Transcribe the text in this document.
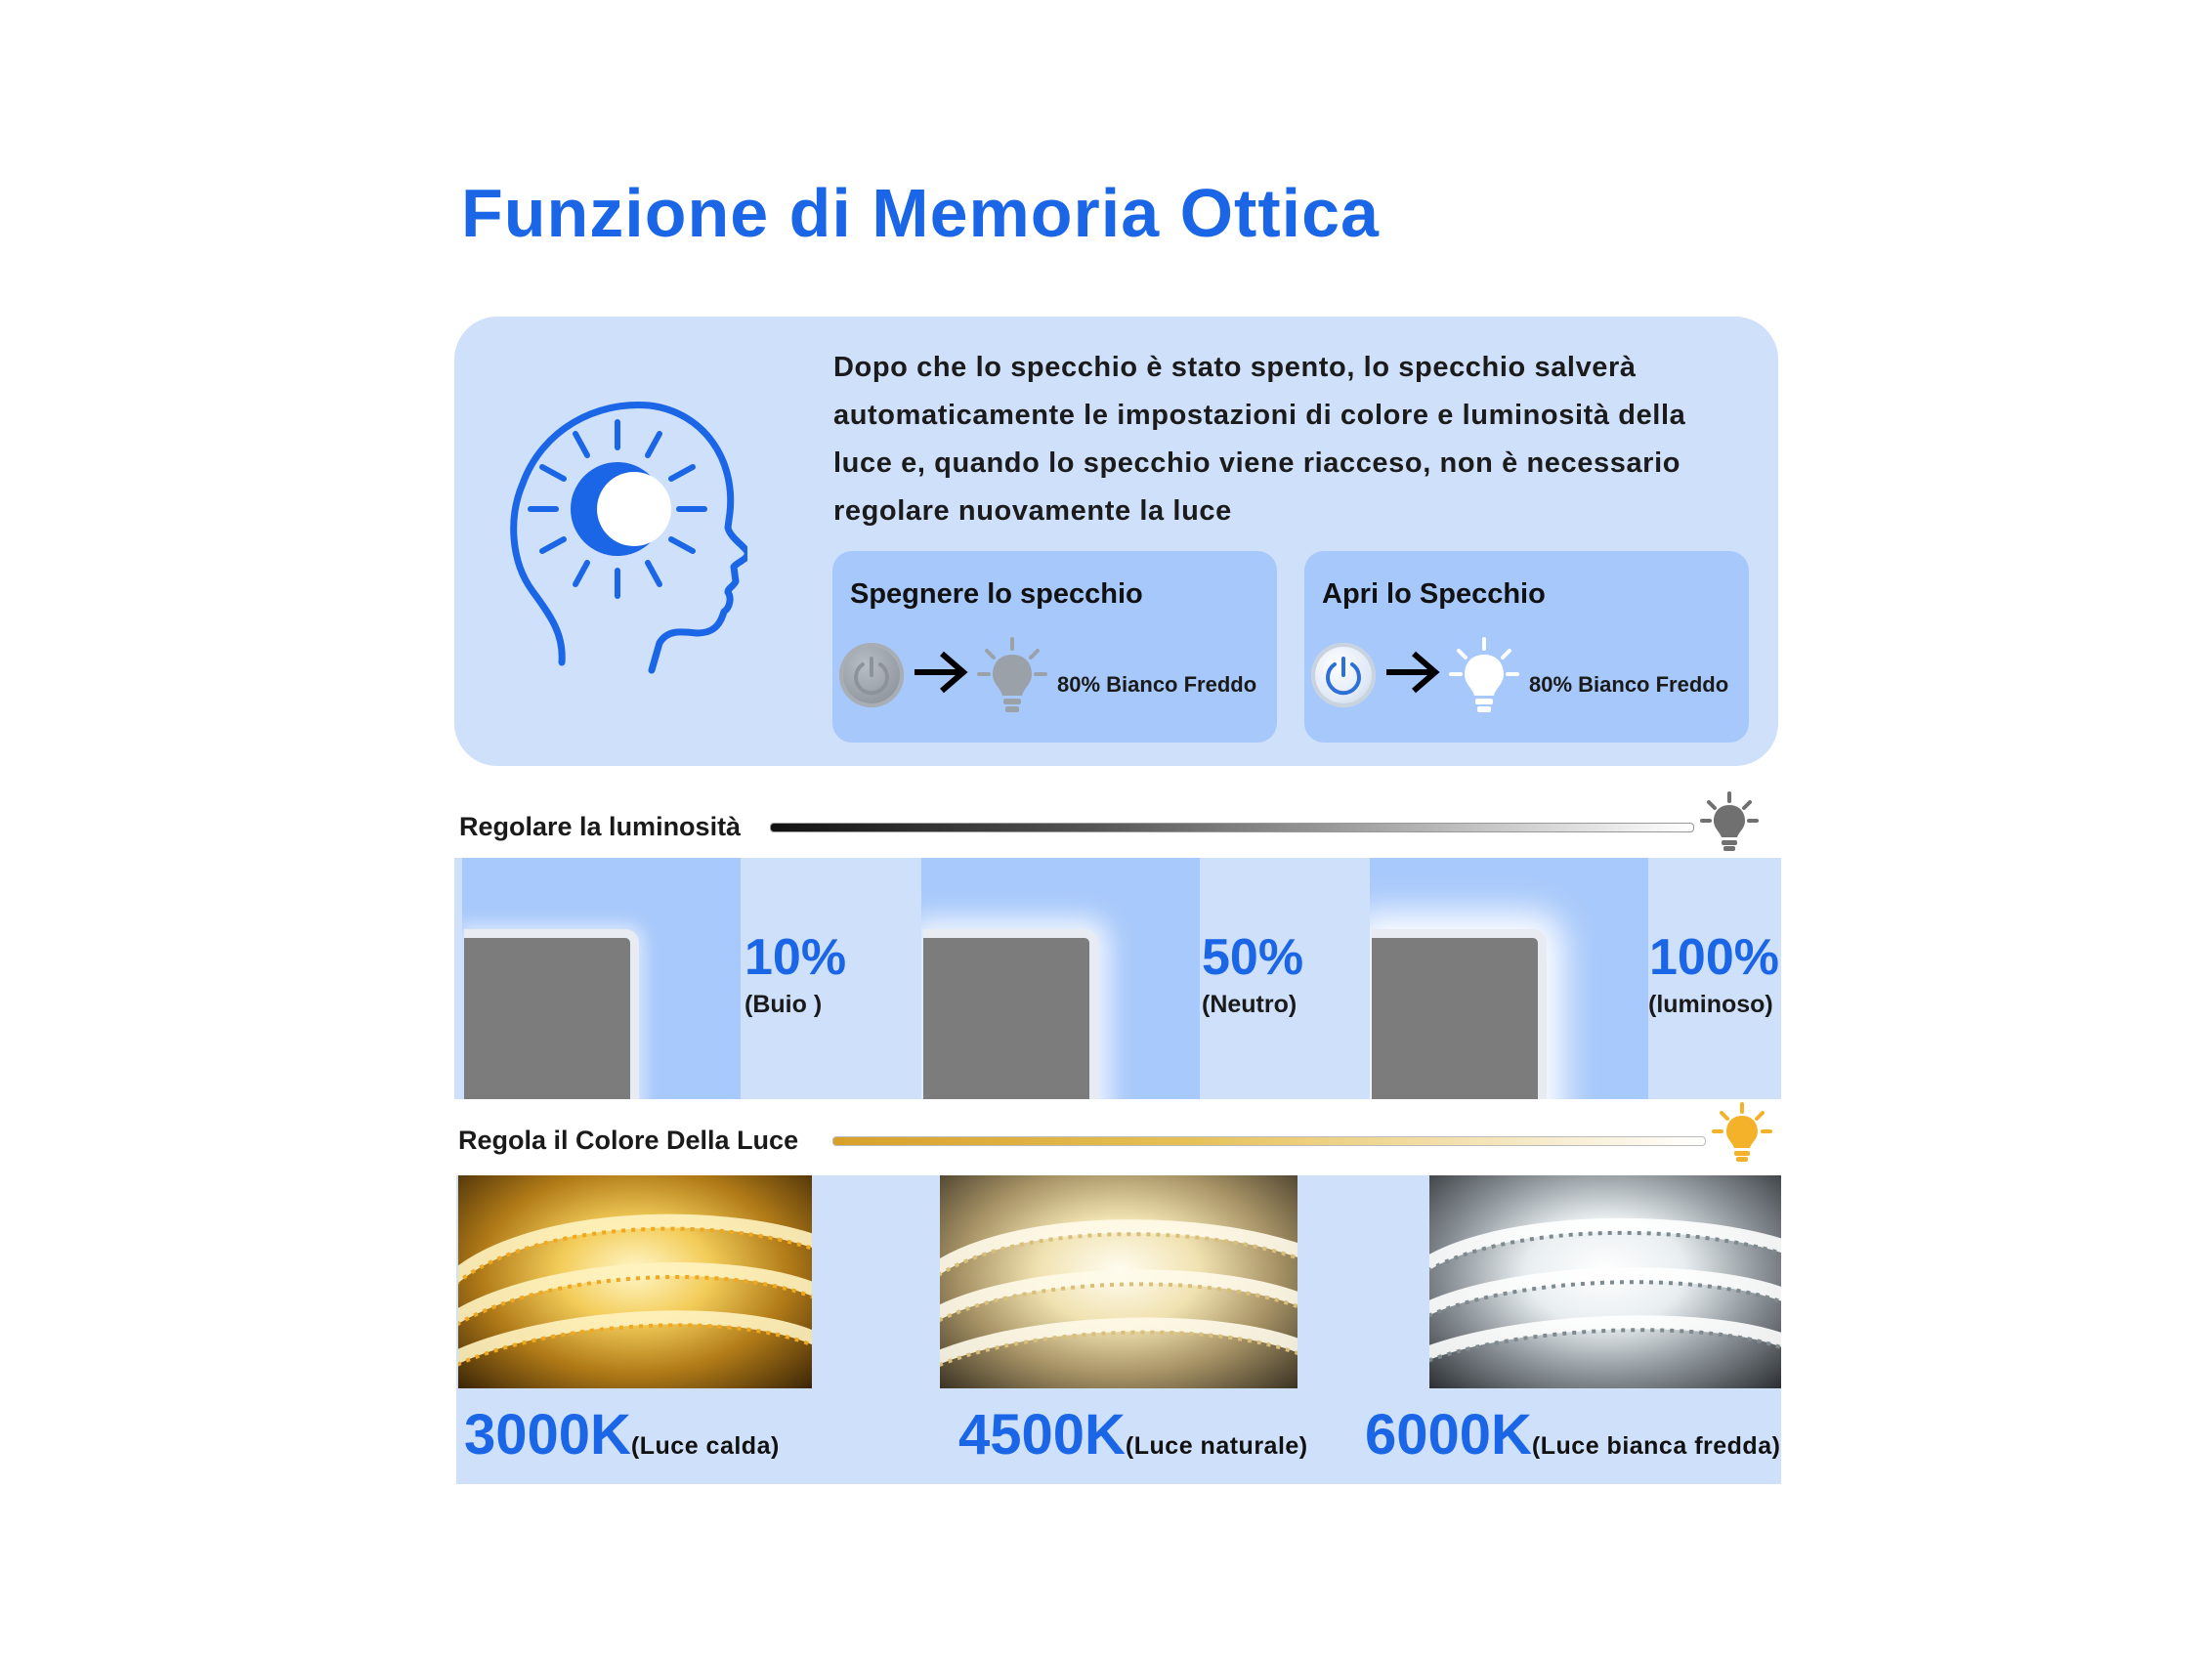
Funzione di Memoria Ottica
Dopo che lo specchio è stato spento, lo specchio salverà automaticamente le impostazioni di colore e luminosità della luce e, quando lo specchio viene riacceso, non è necessario regolare nuovamente la luce
Spegnere lo specchio
80% Bianco Freddo
Apri lo Specchio
80% Bianco Freddo
Regolare la luminosità
10%
(Buio )
50%
(Neutro)
100%
(luminoso)
Regola il Colore Della Luce
3000K(Luce calda)	4500K(Luce naturale) 6000K(Luce bianca fredda)
